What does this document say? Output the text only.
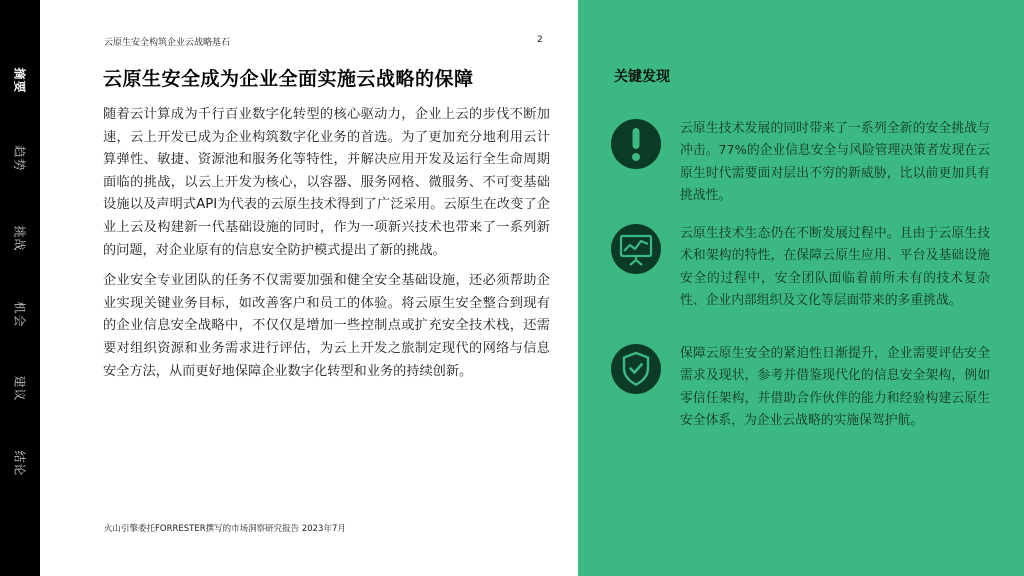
摘要
趋势
挑战
机会
建议
结论
云原生安全构筑企业云战略基石	2
云原生安全成为企业全面实施云战略的保障

随着云计算成为千行百业数字化转型的核心驱动力，企业上云的步伐不断加速，云上开发已成为企业构筑数字化业务的首选。为了更加充分地利用云计算弹性、敏捷、资源池和服务化等特性，并解决应用开发及运行全生命周期面临的挑战，以云上开发为核心，以容器、服务网格、微服务、不可变基础设施以及声明式API为代表的云原生技术得到了广泛采用。云原生在改变了企业上云及构建新一代基础设施的同时，作为一项新兴技术也带来了一系列新的问题，对企业原有的信息安全防护模式提出了新的挑战。

企业安全专业团队的任务不仅需要加强和健全安全基础设施，还必须帮助企业实现关键业务目标，如改善客户和员工的体验。将云原生安全整合到现有的企业信息安全战略中，不仅仅是增加一些控制点或扩充安全技术栈，还需要对组织资源和业务需求进行评估，为云上开发之旅制定现代的网络与信息安全方法，从而更好地保障企业数字化转型和业务的持续创新。

火山引擎委托FORRESTER撰写的市场洞察研究报告 2023年7月
关键发现
云原生技术发展的同时带来了一系列全新的安全挑战与冲击。77%的企业信息安全与风险管理决策者发现在云原生时代需要面对层出不穷的新威胁，比以前更加具有挑战性。
云原生技术生态仍在不断发展过程中。且由于云原生技术和架构的特性，在保障云原生应用、平台及基础设施安全的过程中，安全团队面临着前所未有的技术复杂性、企业内部组织及文化等层面带来的多重挑战。
保障云原生安全的紧迫性日渐提升，企业需要评估安全需求及现状，参考并借鉴现代化的信息安全架构，例如零信任架构，并借助合作伙伴的能力和经验构建云原生安全体系，为企业云战略的实施保驾护航。
